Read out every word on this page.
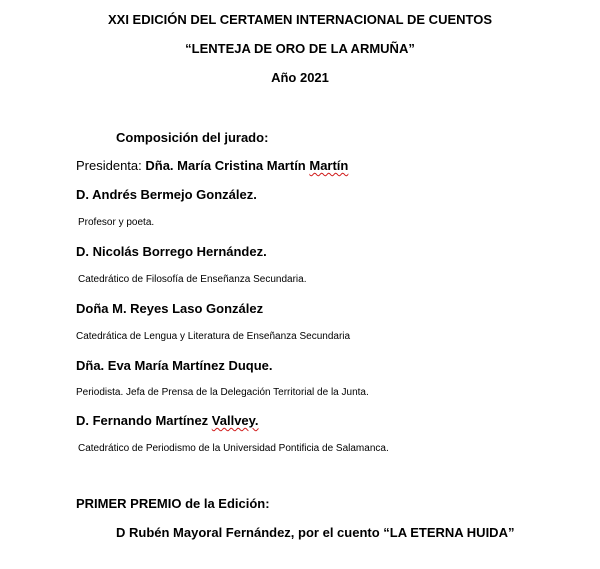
XXI EDICIÓN DEL CERTAMEN INTERNACIONAL DE CUENTOS
“LENTEJA DE ORO DE LA ARMUÑA”
Año 2021
Composición del jurado:
Presidenta: Dña. María Cristina Martín Martín
D. Andrés Bermejo González.
Profesor y poeta.
D. Nicolás Borrego Hernández.
Catedrático de Filosofía de Enseñanza Secundaria.
Doña M. Reyes Laso González
Catedrática de Lengua y Literatura de Enseñanza Secundaria
Dña. Eva María Martínez Duque.
Periodista. Jefa de Prensa de la Delegación Territorial de la Junta.
D. Fernando Martínez Vallvey.
Catedrático de Periodismo de la Universidad Pontificia de Salamanca.
PRIMER PREMIO de la Edición:
D Rubén Mayoral Fernández, por el cuento “LA ETERNA HUIDA”
